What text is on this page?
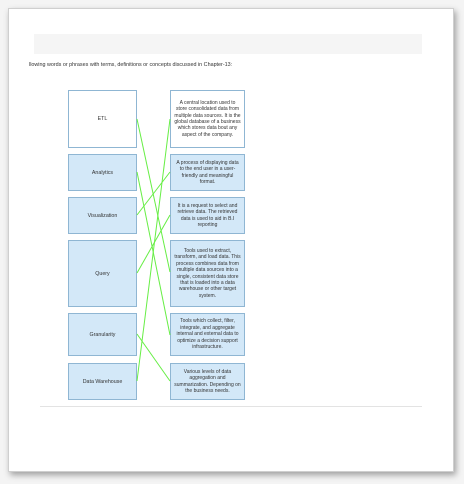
llowing words or phrases with terms, definitions or concepts discussed in Chapter-13:
ETL
Analytics
Visualization
Query
Granularity
Data Warehouse
A central location used to store consolidated data from multiple data sources. It is the global database of a business which stores data bout any aspect of the company.
A process of displaying data to the end user in a user-friendly and meaningful format.
It is a request to select and retrieve data. The retrieved data is used to aid in B.I reporting
Tools used to extract, transform, and load data. This process combines data from multiple data sources into a single, consistent data store that is loaded into a data warehouse or other target system.
Tools which collect, filter, integrate, and aggregate internal and external data to optimize a decision support infrastructure.
Various levels of data aggregation and summarization. Depending on the business needs.
